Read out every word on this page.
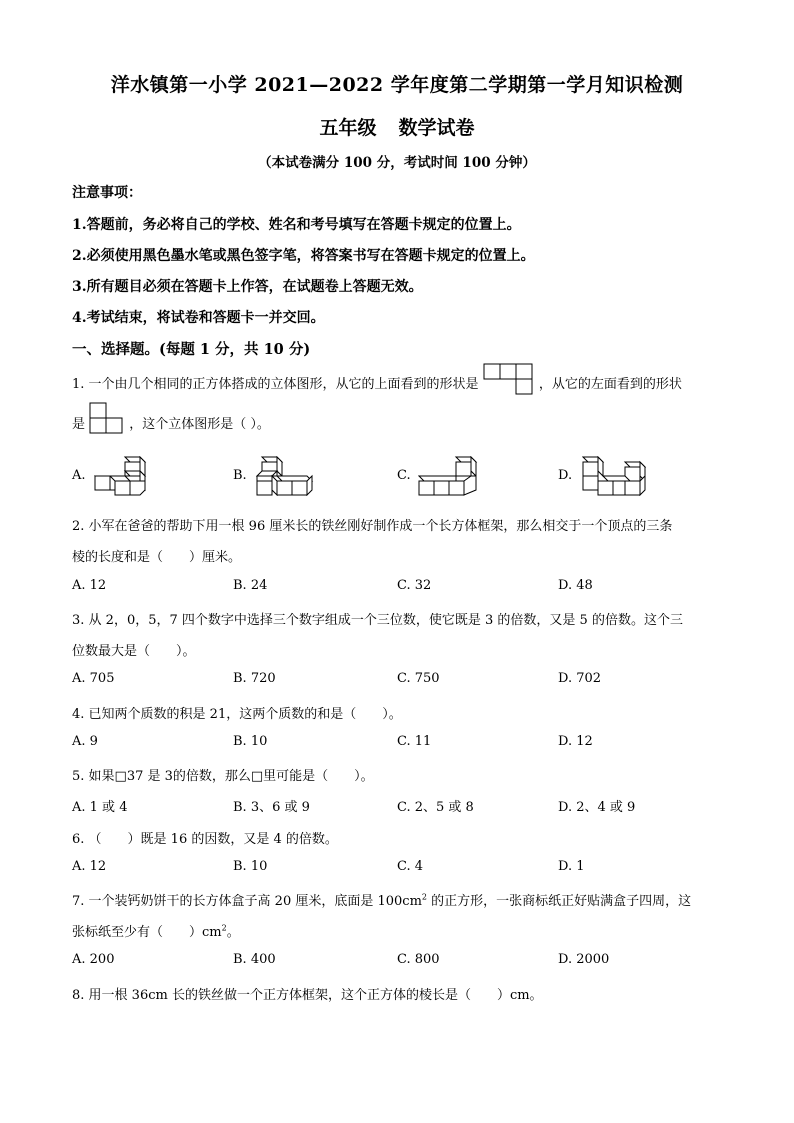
洋水镇第一小学 2021—2022 学年度第二学期第一学月知识检测
五年级 数学试卷
（本试卷满分 100 分，考试时间 100 分钟）
注意事项：
1.答题前，务必将自己的学校、姓名和考号填写在答题卡规定的位置上。
2.必须使用黑色墨水笔或黑色签字笔，将答案书写在答题卡规定的位置上。
3.所有题目必须在答题卡上作答，在试题卷上答题无效。
4.考试结束，将试卷和答题卡一并交回。
一、选择题。(每题 1 分，共 10 分)
1. 一个由几个相同的正方体搭成的立体图形，从它的上面看到的形状是	，从它的左面看到的形状
是	，这个立体图形是（ ）。
A.	B.	C.	D.
2. 小军在爸爸的帮助下用一根 96 厘米长的铁丝刚好制作成一个长方体框架，那么相交于一个顶点的三条
棱的长度和是（　　）厘米。
A. 12	B. 24	C. 32	D. 48
3. 从 2，0，5，7 四个数字中选择三个数字组成一个三位数，使它既是 3 的倍数，又是 5 的倍数。这个三
位数最大是（　　）。
A. 705	B. 720	C. 750	D. 702
4. 已知两个质数的积是 21，这两个质数的和是（　　）。
A. 9	B. 10	C. 11	D. 12
5. 如果□37 是 3的倍数，那么□里可能是（　　）。
A. 1 或 4	B. 3、6 或 9	C. 2、5 或 8	D. 2、4 或 9
6. （　　）既是 16 的因数，又是 4 的倍数。
A. 12	B. 10	C. 4	D. 1
7. 一个装钙奶饼干的长方体盒子高 20 厘米，底面是 $100cm^2$ 的正方形，一张商标纸正好贴满盒子四周，这
张标纸至少有（　　）$cm^2$。
A. 200	B. 400	C. 800	D. 2000
8. 用一根 36cm 长的铁丝做一个正方体框架，这个正方体的棱长是（　　）cm。
